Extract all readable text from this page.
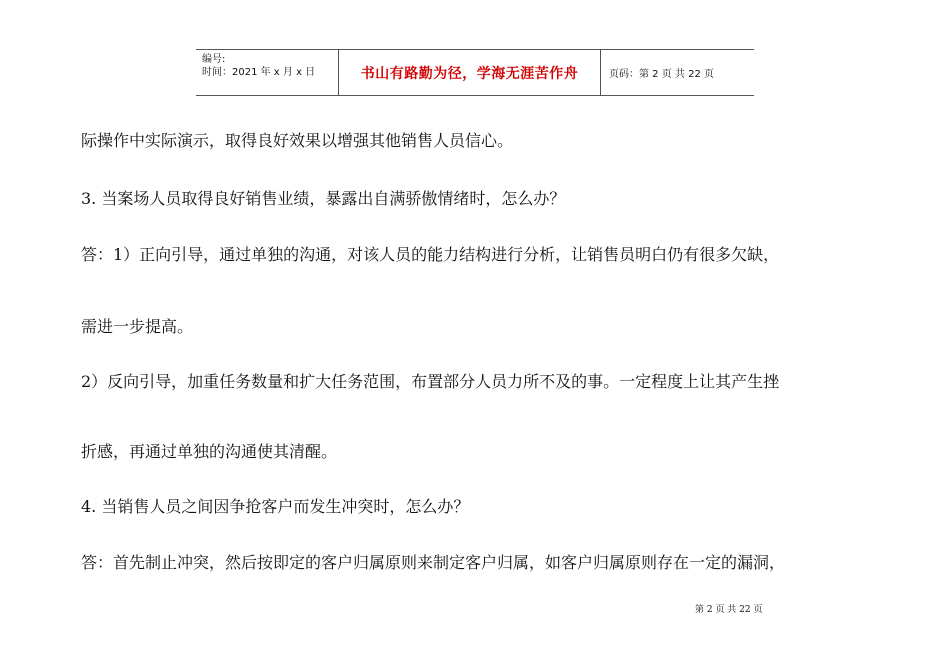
编号:
时间：2021 年 x 月 x 日	书山有路勤为径，学海无涯苦作舟	页码：第 2 页 共 22 页

际操作中实际演示，取得良好效果以增强其他销售人员信心。

3. 当案场人员取得良好销售业绩，暴露出自满骄傲情绪时，怎么办？

答：1）正向引导，通过单独的沟通，对该人员的能力结构进行分析，让销售员明白仍有很多欠缺，

需进一步提高。

2）反向引导，加重任务数量和扩大任务范围，布置部分人员力所不及的事。一定程度上让其产生挫

折感，再通过单独的沟通使其清醒。

4. 当销售人员之间因争抢客户而发生冲突时，怎么办？

答：首先制止冲突，然后按即定的客户归属原则来制定客户归属，如客户归属原则存在一定的漏洞，

第 2 页 共 22 页
